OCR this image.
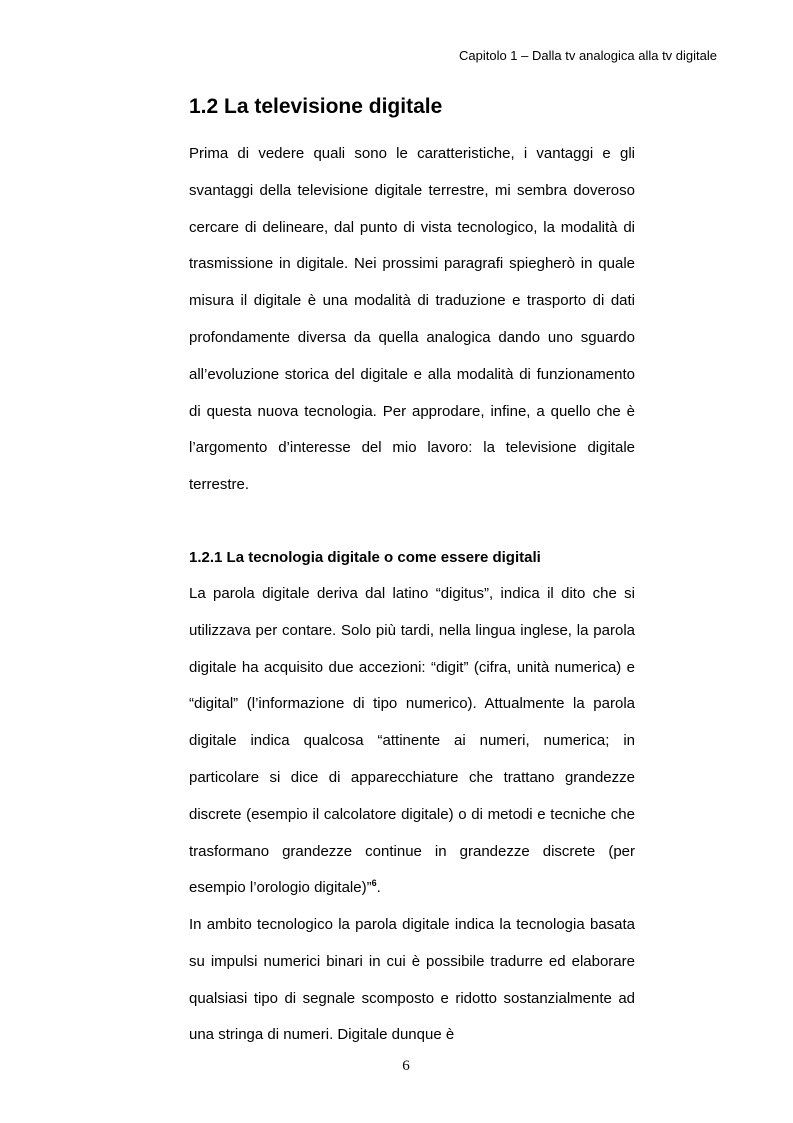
Capitolo 1 – Dalla tv analogica alla tv digitale
1.2 La televisione digitale

Prima di vedere quali sono le caratteristiche, i vantaggi e gli svantaggi della televisione digitale terrestre, mi sembra doveroso cercare di delineare, dal punto di vista tecnologico, la modalità di trasmissione in digitale. Nei prossimi paragrafi spiegherò in quale misura il digitale è una modalità di traduzione e trasporto di dati profondamente diversa da quella analogica dando uno sguardo all’evoluzione storica del digitale e alla modalità di funzionamento di questa nuova tecnologia. Per approdare, infine, a quello che è l’argomento d’interesse del mio lavoro: la televisione digitale terrestre.

1.2.1 La tecnologia digitale o come essere digitali

La parola digitale deriva dal latino “digitus”, indica il dito che si utilizzava per contare. Solo più tardi, nella lingua inglese, la parola digitale ha acquisito due accezioni: “digit” (cifra, unità numerica) e “digital” (l’informazione di tipo numerico). Attualmente la parola digitale indica qualcosa “attinente ai numeri, numerica; in particolare si dice di apparecchiature che trattano grandezze discrete (esempio il calcolatore digitale) o di metodi e tecniche che trasformano grandezze continue in grandezze discrete (per esempio l’orologio digitale)”$^6$.

In ambito tecnologico la parola digitale indica la tecnologia basata su impulsi numerici binari in cui è possibile tradurre ed elaborare qualsiasi tipo di segnale scomposto e ridotto sostanzialmente ad una stringa di numeri. Digitale dunque è

6
